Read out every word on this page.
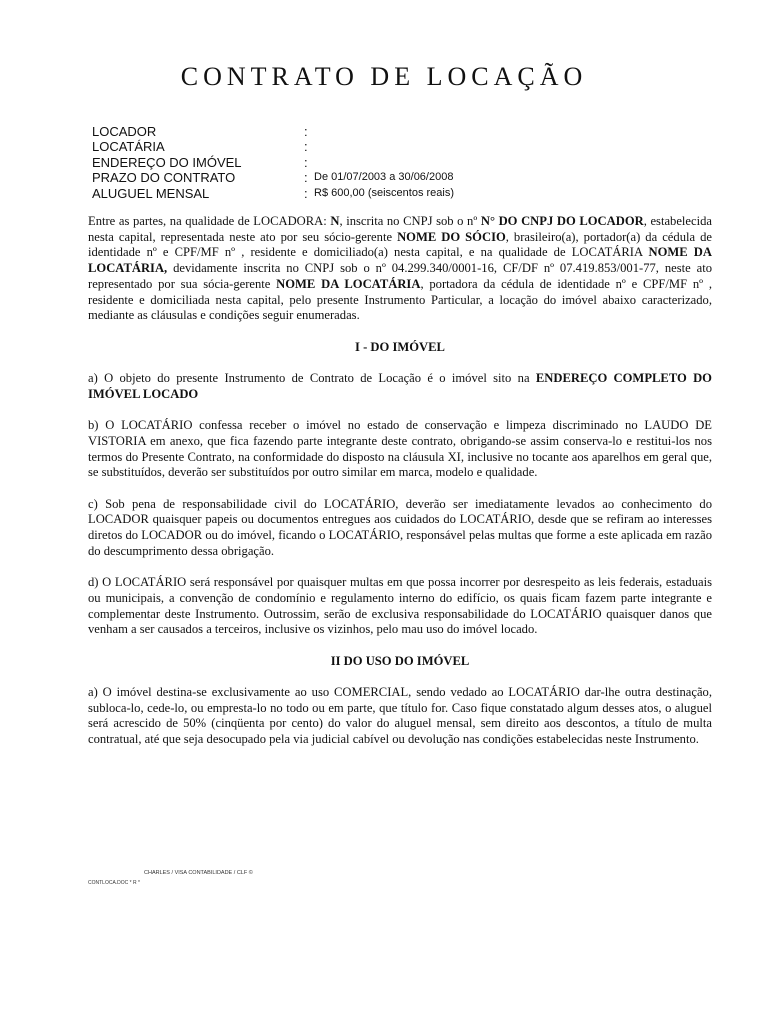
CONTRATO DE LOCAÇÃO
LOCADOR	:
LOCATÁRIA	:
ENDEREÇO DO IMÓVEL	:
PRAZO DO CONTRATO	: De 01/07/2003 a 30/06/2008
ALUGUEL MENSAL	: R$ 600,00 (seiscentos reais)

Entre as partes, na qualidade de LOCADORA: N, inscrita no CNPJ sob o nº N° DO CNPJ DO LOCADOR, estabelecida nesta capital, representada neste ato por seu sócio-gerente NOME DO SÓCIO, brasileiro(a), portador(a) da cédula de identidade nº e CPF/MF nº , residente e domiciliado(a) nesta capital, e na qualidade de LOCATÁRIA NOME DA LOCATÁRIA, devidamente inscrita no CNPJ sob o nº 04.299.340/0001-16, CF/DF nº 07.419.853/001-77, neste ato representado por sua sócia-gerente NOME DA LOCATÁRIA, portadora da cédula de identidade nº e CPF/MF nº , residente e domiciliada nesta capital, pelo presente Instrumento Particular, a locação do imóvel abaixo caracterizado, mediante as cláusulas e condições seguir enumeradas.

I - DO IMÓVEL

a) O objeto do presente Instrumento de Contrato de Locação é o imóvel sito na ENDEREÇO COMPLETO DO IMÓVEL LOCADO

b) O LOCATÁRIO confessa receber o imóvel no estado de conservação e limpeza discriminado no LAUDO DE VISTORIA em anexo, que fica fazendo parte integrante deste contrato, obrigando-se assim conserva-lo e restitui-los nos termos do Presente Contrato, na conformidade do disposto na cláusula XI, inclusive no tocante aos aparelhos em geral que, se substituídos, deverão ser substituídos por outro similar em marca, modelo e qualidade.

c) Sob pena de responsabilidade civil do LOCATÁRIO, deverão ser imediatamente levados ao conhecimento do LOCADOR quaisquer papeis ou documentos entregues aos cuidados do LOCATÁRIO, desde que se refiram ao interesses diretos do LOCADOR ou do imóvel, ficando o LOCATÁRIO, responsável pelas multas que forme a este aplicada em razão do descumprimento dessa obrigação.

d) O LOCATÁRIO será responsável por quaisquer multas em que possa incorrer por desrespeito as leis federais, estaduais ou municipais, a convenção de condomínio e regulamento interno do edifício, os quais ficam fazem parte integrante e complementar deste Instrumento. Outrossim, serão de exclusiva responsabilidade do LOCATÁRIO quaisquer danos que venham a ser causados a terceiros, inclusive os vizinhos, pelo mau uso do imóvel locado.

II DO USO DO IMÓVEL

a) O imóvel destina-se exclusivamente ao uso COMERCIAL, sendo vedado ao LOCATÁRIO dar-lhe outra destinação, subloca-lo, cede-lo, ou empresta-lo no todo ou em parte, que título for. Caso fique constatado algum desses atos, o aluguel será acrescido de 50% (cinqüenta por cento) do valor do aluguel mensal, sem direito aos descontos, a título de multa contratual, até que seja desocupado pela via judicial cabível ou devolução nas condições estabelecidas neste Instrumento.

CHARLES / VISA CONTABILIDADE / CLF ©
CONTLOCA.DOC * R *
